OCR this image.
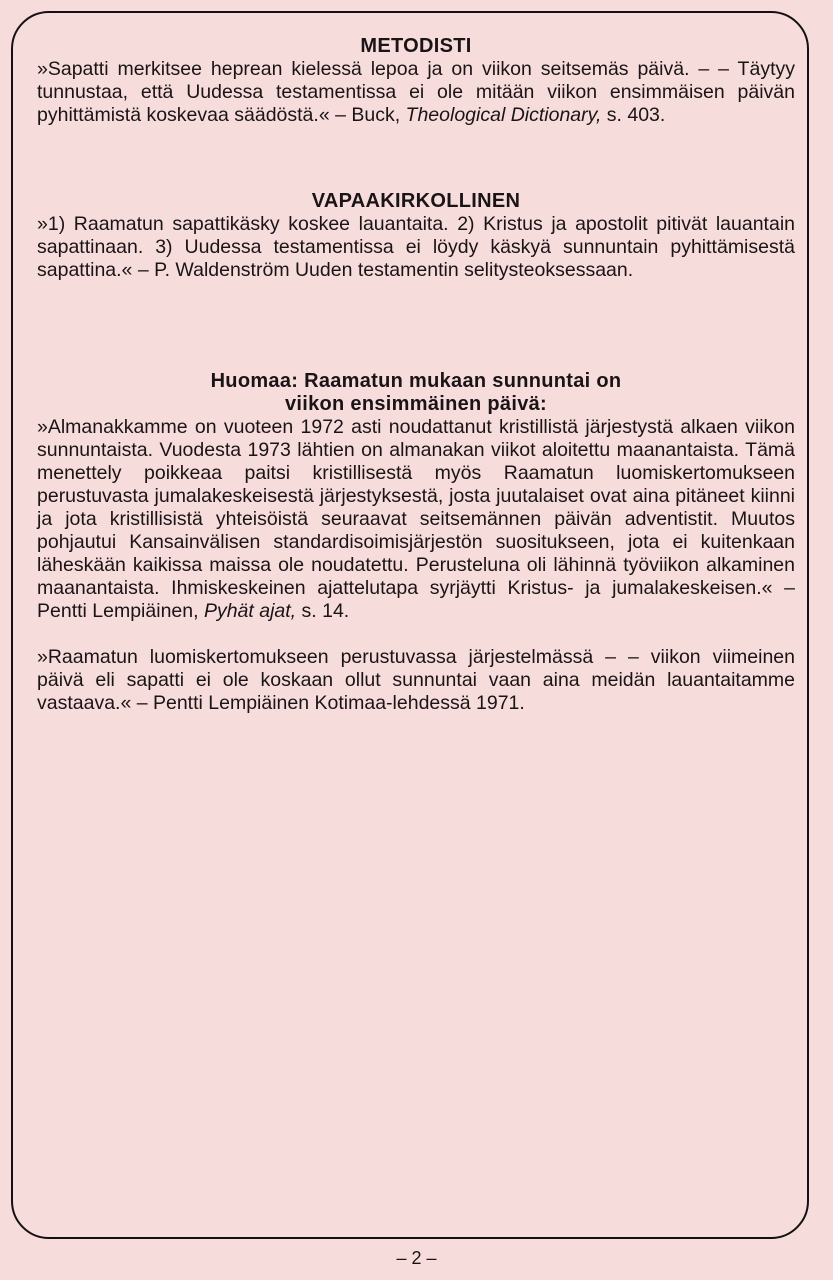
METODISTI

»Sapatti merkitsee heprean kielessä lepoa ja on viikon seitsemäs päivä. – – Täytyy tunnustaa, että Uudessa testamentissa ei ole mitään viikon ensimmäisen päivän pyhittämistä koskevaa säädöstä.« – Buck, Theological Dictionary, s. 403.

VAPAAKIRKOLLINEN

»1) Raamatun sapattikäsky koskee lauantaita. 2) Kristus ja apostolit pitivät lauantain sapattinaan. 3) Uudessa testamentissa ei löydy käskyä sunnuntain pyhittämisestä sapattina.« – P. Waldenström Uuden testamentin selitysteoksessaan.

Huomaa: Raamatun mukaan sunnuntai on
viikon ensimmäinen päivä:

»Almanakkamme on vuoteen 1972 asti noudattanut kristillistä järjestystä alkaen viikon sunnuntaista. Vuodesta 1973 lähtien on almanakan viikot aloitettu maanantaista. Tämä menettely poikkeaa paitsi kristillisestä myös Raamatun luomiskertomukseen perustuvasta jumalakeskeisestä järjestyksestä, josta juutalaiset ovat aina pitäneet kiinni ja jota kristillisistä yhteisöistä seuraavat seitsemännen päivän adventistit. Muutos pohjautui Kansainvälisen standardisoimisjärjestön suositukseen, jota ei kuitenkaan läheskään kaikissa maissa ole noudatettu. Perusteluna oli lähinnä työviikon alkaminen maanantaista. Ihmiskeskeinen ajattelutapa syrjäytti Kristus- ja jumalakeskeisen.« – Pentti Lempiäinen, Pyhät ajat, s. 14.

»Raamatun luomiskertomukseen perustuvassa järjestelmässä – – viikon viimeinen päivä eli sapatti ei ole koskaan ollut sunnuntai vaan aina meidän lauantaitamme vastaava.« – Pentti Lempiäinen Kotimaa-lehdessä 1971.

– 2 –
